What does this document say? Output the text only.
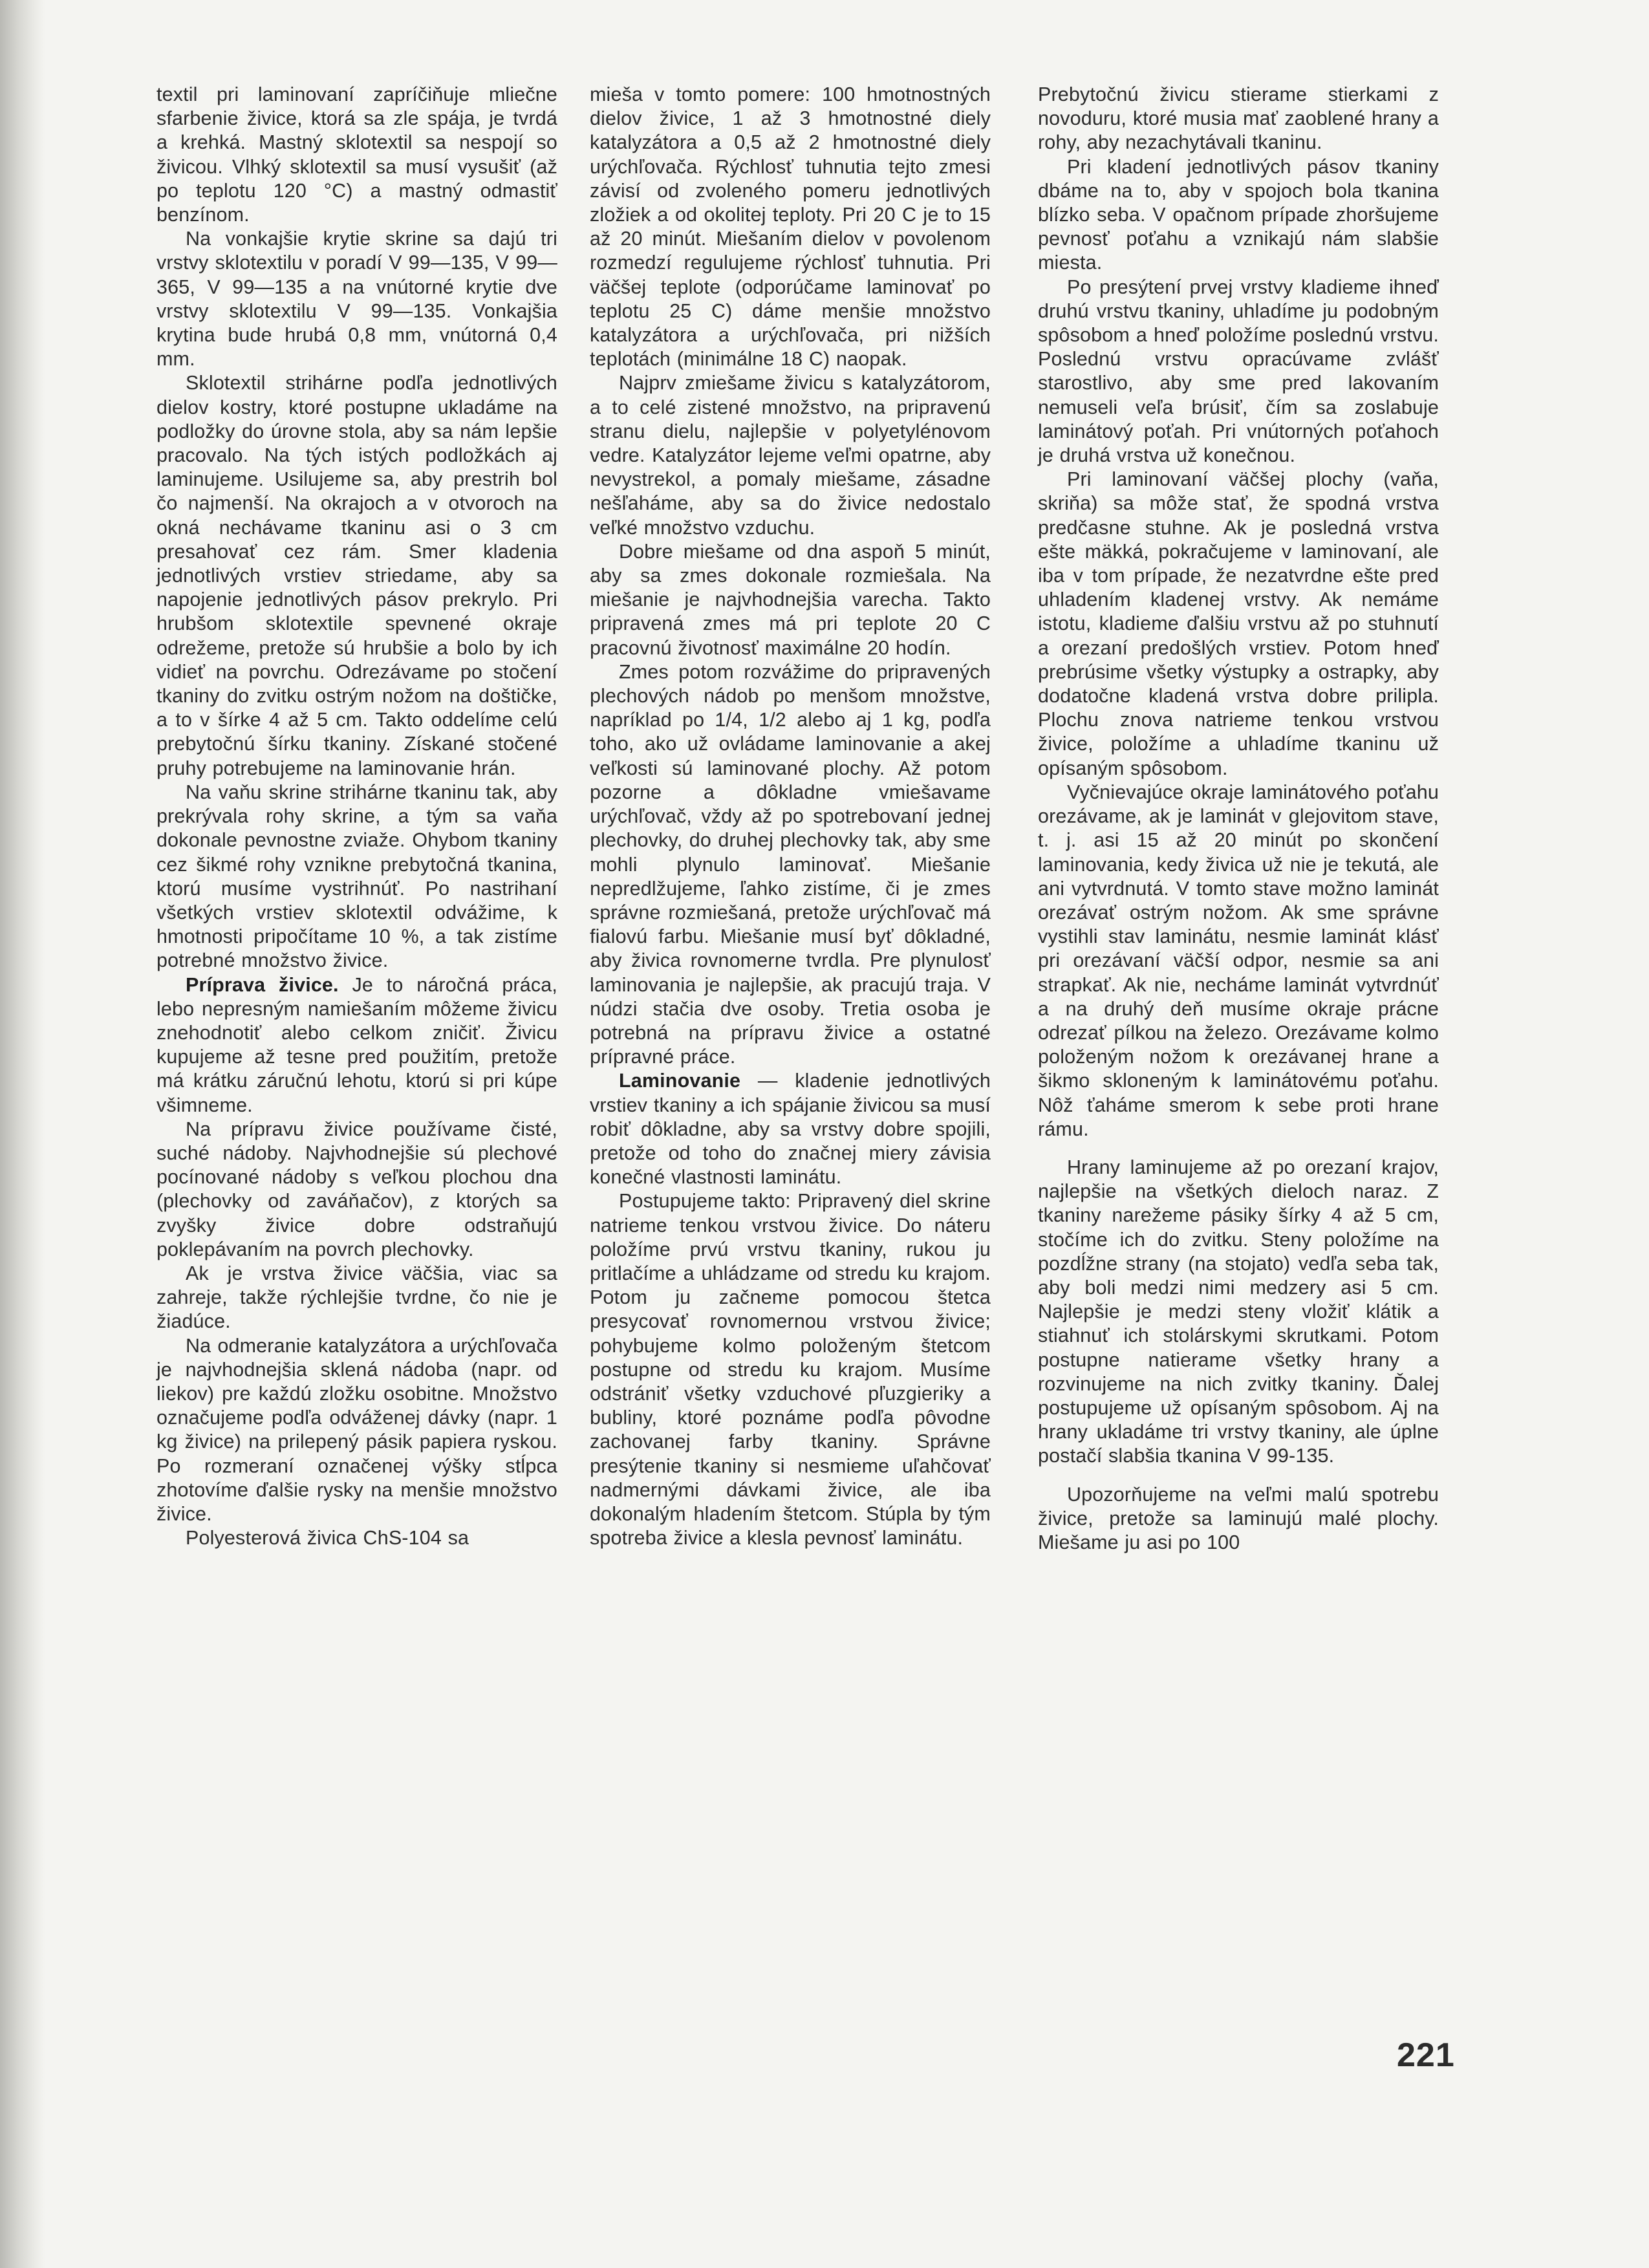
textil pri laminovaní zapríčiňuje mliečne sfarbenie živice, ktorá sa zle spája, je tvrdá a krehká. Mastný sklotextil sa nespojí so živicou. Vlhký sklotextil sa musí vysušiť (až po teplotu 120 °C) a mastný odmastiť benzínom.

Na vonkajšie krytie skrine sa dajú tri vrstvy sklotextilu v poradí V 99—135, V 99—365, V 99—135 a na vnútorné krytie dve vrstvy sklotextilu V 99—135. Vonkajšia krytina bude hrubá 0,8 mm, vnútorná 0,4 mm.

Sklotextil strihárne podľa jednotlivých dielov kostry, ktoré postupne ukladáme na podložky do úrovne stola, aby sa nám lepšie pracovalo. Na tých istých podložkách aj laminujeme. Usilujeme sa, aby prestrih bol čo najmenší. Na okrajoch a v otvoroch na okná nechávame tkaninu asi o 3 cm presahovať cez rám. Smer kladenia jednotlivých vrstiev striedame, aby sa napojenie jednotlivých pásov prekrylo. Pri hrubšom sklotextile spevnené okraje odrežeme, pretože sú hrubšie a bolo by ich vidieť na povrchu. Odrezávame po stočení tkaniny do zvitku ostrým nožom na doštičke, a to v šírke 4 až 5 cm. Takto oddelíme celú prebytočnú šírku tkaniny. Získané stočené pruhy potrebujeme na laminovanie hrán.

Na vaňu skrine strihárne tkaninu tak, aby prekrývala rohy skrine, a tým sa vaňa dokonale pevnostne zviaže. Ohybom tkaniny cez šikmé rohy vznikne prebytočná tkanina, ktorú musíme vystrihnúť. Po nastrihaní všetkých vrstiev sklotextil odvážime, k hmotnosti pripočítame 10 %, a tak zistíme potrebné množstvo živice.

Príprava živice. Je to náročná práca, lebo nepresným namiešaním môžeme živicu znehodnotiť alebo celkom zničiť. Živicu kupujeme až tesne pred použitím, pretože má krátku záručnú lehotu, ktorú si pri kúpe všimneme.

Na prípravu živice používame čisté, suché nádoby. Najvhodnejšie sú plechové pocínované nádoby s veľkou plochou dna (plechovky od zaváňačov), z ktorých sa zvyšky živice dobre odstraňujú poklepávaním na povrch plechovky.

Ak je vrstva živice väčšia, viac sa zahreje, takže rýchlejšie tvrdne, čo nie je žiadúce.

Na odmeranie katalyzátora a urýchľovača je najvhodnejšia sklená nádoba (napr. od liekov) pre každú zložku osobitne. Množstvo označujeme podľa odváženej dávky (napr. 1 kg živice) na prilepený pásik papiera ryskou. Po rozmeraní označenej výšky stĺpca zhotovíme ďalšie rysky na menšie množstvo živice.

Polyesterová živica ChS-104 sa

mieša v tomto pomere: 100 hmotnostných dielov živice, 1 až 3 hmotnostné diely katalyzátora a 0,5 až 2 hmotnostné diely urýchľovača. Rýchlosť tuhnutia tejto zmesi závisí od zvoleného pomeru jednotlivých zložiek a od okolitej teploty. Pri 20 C je to 15 až 20 minút. Miešaním dielov v povolenom rozmedzí regulujeme rýchlosť tuhnutia. Pri väčšej teplote (odporúčame laminovať po teplotu 25 C) dáme menšie množstvo katalyzátora a urýchľovača, pri nižších teplotách (minimálne 18 C) naopak.

Najprv zmiešame živicu s katalyzátorom, a to celé zistené množstvo, na pripravenú stranu dielu, najlepšie v polyetylénovom vedre. Katalyzátor lejeme veľmi opatrne, aby nevystrekol, a pomaly miešame, zásadne nešľaháme, aby sa do živice nedostalo veľké množstvo vzduchu.

Dobre miešame od dna aspoň 5 minút, aby sa zmes dokonale rozmiešala. Na miešanie je najvhodnejšia varecha. Takto pripravená zmes má pri teplote 20 C pracovnú životnosť maximálne 20 hodín.

Zmes potom rozvážime do pripravených plechových nádob po menšom množstve, napríklad po 1/4, 1/2 alebo aj 1 kg, podľa toho, ako už ovládame laminovanie a akej veľkosti sú laminované plochy. Až potom pozorne a dôkladne vmiešavame urýchľovač, vždy až po spotrebovaní jednej plechovky, do druhej plechovky tak, aby sme mohli plynulo laminovať. Miešanie nepredlžujeme, ľahko zistíme, či je zmes správne rozmiešaná, pretože urýchľovač má fialovú farbu. Miešanie musí byť dôkladné, aby živica rovnomerne tvrdla. Pre plynulosť laminovania je najlepšie, ak pracujú traja. V núdzi stačia dve osoby. Tretia osoba je potrebná na prípravu živice a ostatné prípravné práce.

Laminovanie — kladenie jednotlivých vrstiev tkaniny a ich spájanie živicou sa musí robiť dôkladne, aby sa vrstvy dobre spojili, pretože od toho do značnej miery závisia konečné vlastnosti laminátu.

Postupujeme takto: Pripravený diel skrine natrieme tenkou vrstvou živice. Do náteru položíme prvú vrstvu tkaniny, rukou ju pritlačíme a uhládzame od stredu ku krajom. Potom ju začneme pomocou štetca presycovať rovnomernou vrstvou živice; pohybujeme kolmo položeným štetcom postupne od stredu ku krajom. Musíme odstrániť všetky vzduchové pľuzgieriky a bubliny, ktoré poznáme podľa pôvodne zachovanej farby tkaniny. Správne presýtenie tkaniny si nesmieme uľahčovať nadmernými dávkami živice, ale iba dokonalým hladením štetcom. Stúpla by tým spotreba živice a klesla pevnosť laminátu.

Prebytočnú živicu stierame stierkami z novoduru, ktoré musia mať zaoblené hrany a rohy, aby nezachytávali tkaninu.

Pri kladení jednotlivých pásov tkaniny dbáme na to, aby v spojoch bola tkanina blízko seba. V opačnom prípade zhoršujeme pevnosť poťahu a vznikajú nám slabšie miesta.

Po presýtení prvej vrstvy kladieme ihneď druhú vrstvu tkaniny, uhladíme ju podobným spôsobom a hneď položíme poslednú vrstvu. Poslednú vrstvu opracúvame zvlášť starostlivo, aby sme pred lakovaním nemuseli veľa brúsiť, čím sa zoslabuje laminátový poťah. Pri vnútorných poťahoch je druhá vrstva už konečnou.

Pri laminovaní väčšej plochy (vaňa, skriňa) sa môže stať, že spodná vrstva predčasne stuhne. Ak je posledná vrstva ešte mäkká, pokračujeme v laminovaní, ale iba v tom prípade, že nezatvrdne ešte pred uhladením kladenej vrstvy. Ak nemáme istotu, kladieme ďalšiu vrstvu až po stuhnutí a orezaní predošlých vrstiev. Potom hneď prebrúsime všetky výstupky a ostrapky, aby dodatočne kladená vrstva dobre prilipla. Plochu znova natrieme tenkou vrstvou živice, položíme a uhladíme tkaninu už opísaným spôsobom.

Vyčnievajúce okraje laminátového poťahu orezávame, ak je laminát v glejovitom stave, t. j. asi 15 až 20 minút po skončení laminovania, kedy živica už nie je tekutá, ale ani vytvrdnutá. V tomto stave možno laminát orezávať ostrým nožom. Ak sme správne vystihli stav laminátu, nesmie laminát klásť pri orezávaní väčší odpor, nesmie sa ani strapkať. Ak nie, necháme laminát vytvrdnúť a na druhý deň musíme okraje prácne odrezať pílkou na železo. Orezávame kolmo položeným nožom k orezávanej hrane a šikmo skloneným k laminátovému poťahu. Nôž ťaháme smerom k sebe proti hrane rámu.

Hrany laminujeme až po orezaní krajov, najlepšie na všetkých dieloch naraz. Z tkaniny narežeme pásiky šírky 4 až 5 cm, stočíme ich do zvitku. Steny položíme na pozdĺžne strany (na stojato) vedľa seba tak, aby boli medzi nimi medzery asi 5 cm. Najlepšie je medzi steny vložiť klátik a stiahnuť ich stolárskymi skrutkami. Potom postupne natierame všetky hrany a rozvinujeme na nich zvitky tkaniny. Ďalej postupujeme už opísaným spôsobom. Aj na hrany ukladáme tri vrstvy tkaniny, ale úplne postačí slabšia tkanina V 99-135.

Upozorňujeme na veľmi malú spotrebu živice, pretože sa laminujú malé plochy. Miešame ju asi po 100

221
